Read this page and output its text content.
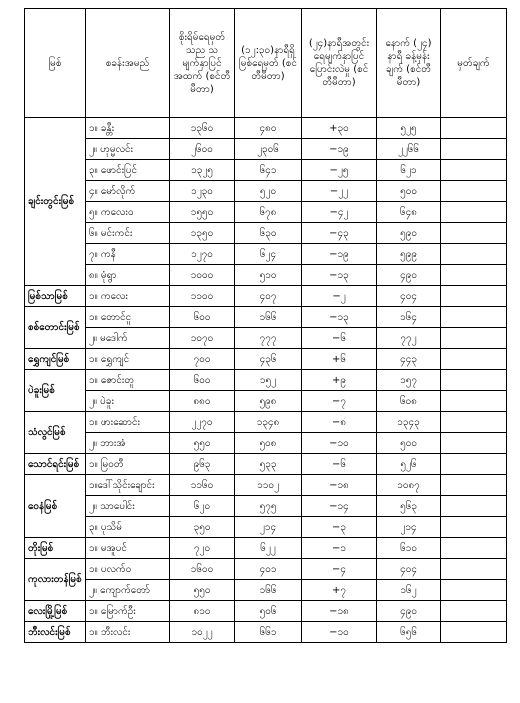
မြစ်	စခန်းအမည်	စိုးရိမ်ရေမှတ် သည သမျက်နှာပြင် အထက် (စင်တီမီတာ)	(၁၂:၃၀)နာရီရှိ မြစ်ရေမှတ် (စင်တီမီတာ)	(၂၄)နာရီအတွင်း ရေမျက်နှာပြင် ပြောင်းလဲမှု (စင်တီမီတာ)	နောက် (၂၄) နာရီ ခန့်မှန်းချက် (စင်တီမီတာ)	မှတ်ချက်
ချင်းတွင်းမြစ်	၁။ ခန္တီး	၁၃၆၀	၄၈၀	+၃၀	၅၂၅	
	၂။ ဟုမ္မလင်း	၂၆၀၀	၂၃၀၆	−၁၉	၂၂၆၆	
	၃။ ဖောင်းပြင်	၁၃၂၅	၆၄၁	−၂၅	၆၂၁	
	၄။ မော်လိုက်	၁၂၃၀	၅၂၀	−၂၂	၅၀၀	
	၅။ ကလေးဝ	၁၅၅၀	၆၇၈	−၄၂	၆၄၈	
	၆။ မင်းကင်း	၁၃၅၀	၆၃၀	−၄၃	၅၉၀	
	၇။ ကနီ	၁၂၇၀	၆၂၄	−၁၉	၅၉၉	
	၈။ မုံရွာ	၁၀၀၀	၅၁၀	−၁၃	၄၉၀	
မြစ်သာမြစ်	၁။ ကလေး	၁၁၀၀	၄၀၇	−၂	၄၀၄	
စစ်တောင်းမြစ်	၁။ တောင်ငူ	၆၀၀	၁၆၆	−၁၃	၁၆၄	
	၂။ မဒေါက်	၁၀၇၀	၇၇၇	−၆	၇၇၂	
ရွှေကျင်မြစ်	၁။ ရွှေကျင်	၇၀၀	၄၃၆	+၆	၄၄၃	
ပဲခူးမြစ်	၁။ ဇောင်းတူ	၆၀၀	၁၅၂	+၉	၁၅၇	
	၂။ ပဲခူး	၈၈၀	၅၉၈	−၇	၆၀၈	
သံလွင်မြစ်	၁။ ဖားဆောင်း	၂၂၇၀	၁၃၄၈	−၈	၁၃၄၃	
	၂။ ဘားအံ	၅၅၀	၅၀၈	−၁၀	၅၀၀	
သောင်ရင်းမြစ်	၁။ မြဝတီ	၉၆၃	၅၃၃	−၆	၅၂၆	
ဝေနံမြစ်	၁။ဒေါ်သိုင်းချောင်း	၁၁၆၀	၁၁၀၂	−၁၈	၁၀၈၇	
	၂။ သာပေါင်း	၆၂၀	၅၇၅	−၁၄	၅၆၃	
	၃။ ပုသိမ်	၃၅၀	၂၁၄	−၃	၂၁၄	
တိုးမြစ်	၁။ မအူပင်	၇၂၀	၆၂၂	−၁	၆၁၀	
ကုလားတန်မြစ်	၁။ ပလက်ဝ	၁၆၀၀	၄၀၁	−၄	၄၀၄	
	၂။ ကျောက်တော်	၅၅၀	၁၆၆	+၇	၁၆၂	
လေးမြို့မြစ်	၁။ မြောက်ဦး	၈၁၀	၅၀၆	−၁၈	၄၉၀	
ဘီးလင်းမြစ်	၁။ ဘီးလင်း	၁၀၂၂	၆၆၁	−၁၀	၆၅၆	
